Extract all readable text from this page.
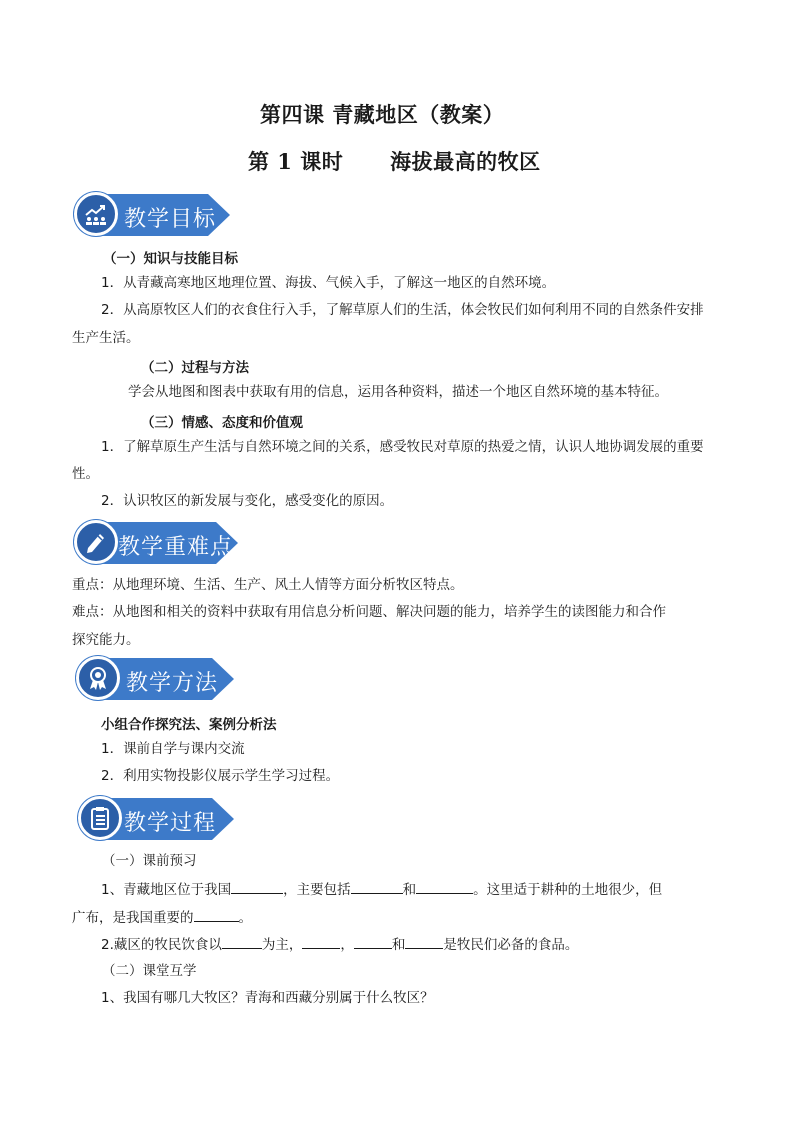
第四课 青藏地区（教案）
第 1 课时      海拔最高的牧区
教学目标
（一）知识与技能目标
1．从青藏高寒地区地理位置、海拔、气候入手，了解这一地区的自然环境。
2．从高原牧区人们的衣食住行入手，了解草原人们的生活，体会牧民们如何利用不同的自然条件安排
生产生活。
（二）过程与方法
学会从地图和图表中获取有用的信息，运用各种资料，描述一个地区自然环境的基本特征。
（三）情感、态度和价值观
1．了解草原生产生活与自然环境之间的关系，感受牧民对草原的热爱之情，认识人地协调发展的重要
性。
2．认识牧区的新发展与变化，感受变化的原因。
教学重难点
重点：从地理环境、生活、生产、风土人情等方面分析牧区特点。
难点：从地图和相关的资料中获取有用信息分析问题、解决问题的能力，培养学生的读图能力和合作
探究能力。
教学方法
小组合作探究法、案例分析法
1．课前自学与课内交流
2．利用实物投影仪展示学生学习过程。
教学过程
（一）课前预习
1、青藏地区位于我国	，主要包括	和	。这里适于耕种的土地很少，但
广布，是我国重要的	。
2.藏区的牧民饮食以	为主，	，	和	是牧民们必备的食品。
（二）课堂互学
1、我国有哪几大牧区？青海和西藏分别属于什么牧区？
